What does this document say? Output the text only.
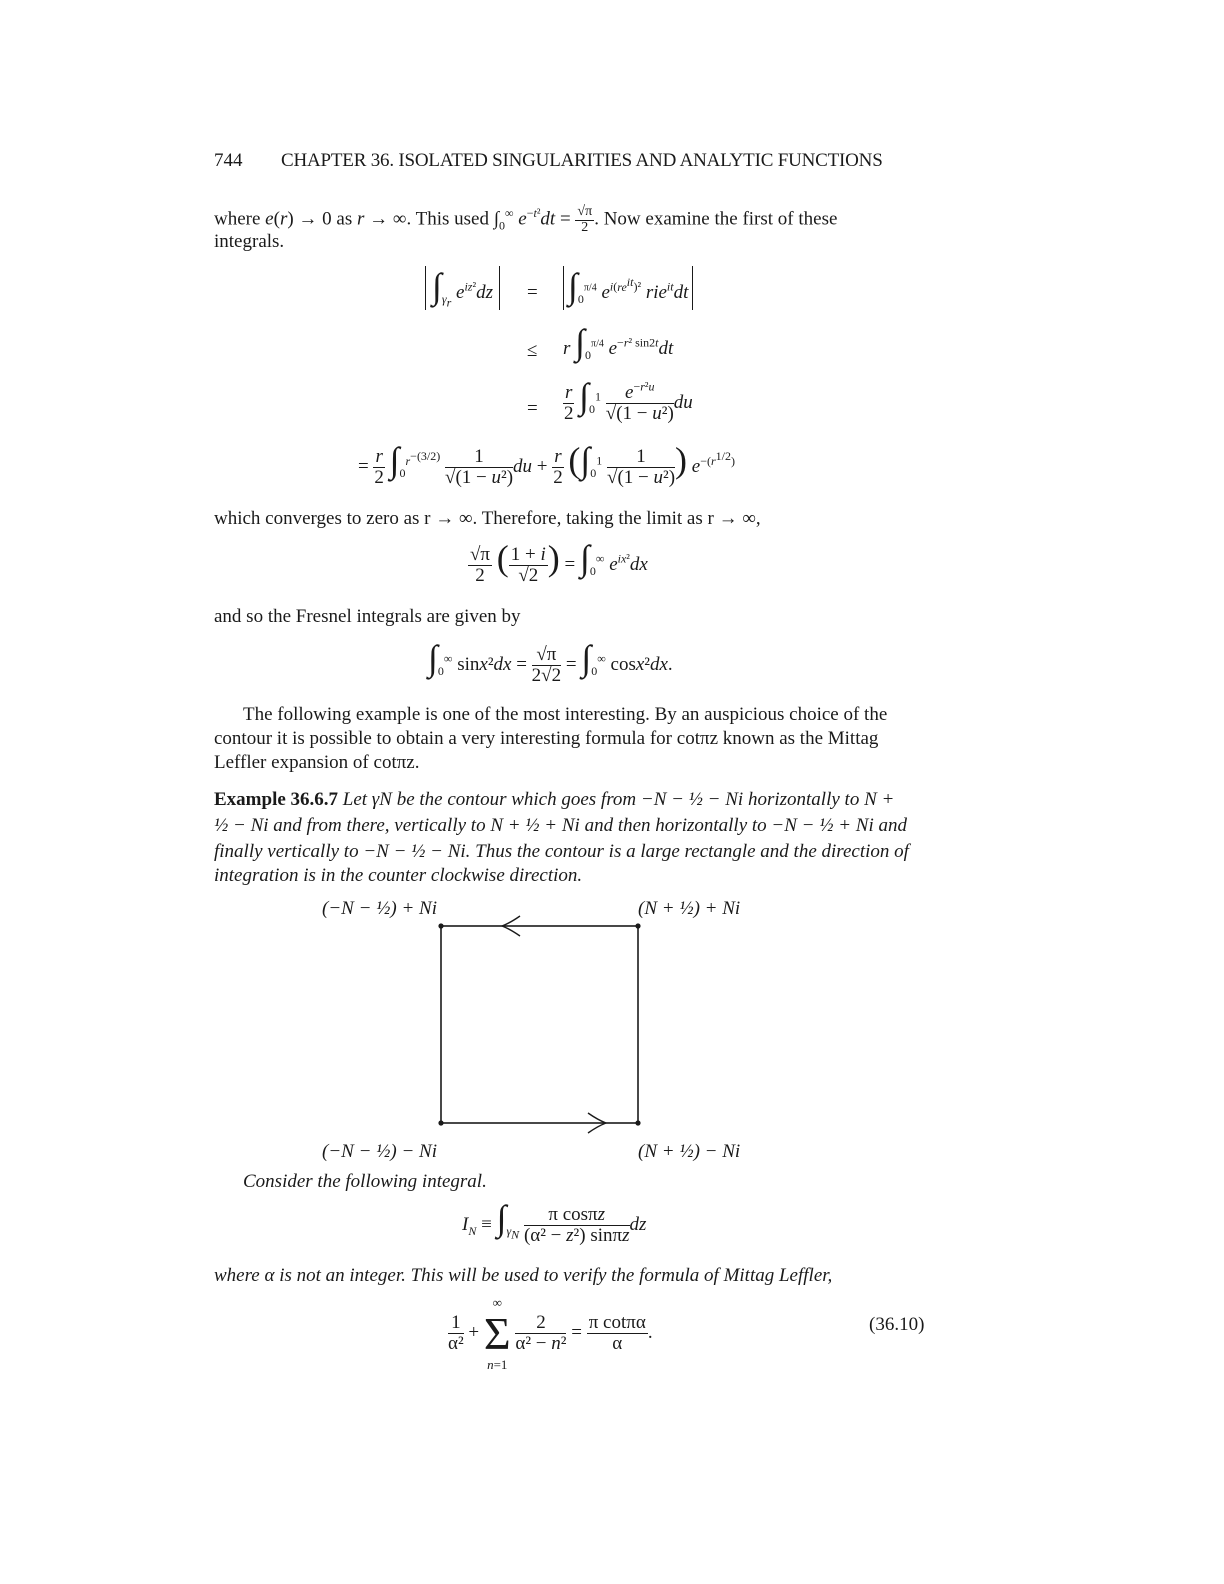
744 CHAPTER 36. ISOLATED SINGULARITIES AND ANALYTIC FUNCTIONS
where e(r) → 0 as r → ∞. This used $\int_0^\infty$ $e^{-t^2}dt = \frac{√\pi}{2}$ . Now examine the first of these
integrals.
$\int_{\gamma_r}$ $e^{iz^2}dz$	= $\int_0^{\pi/4}$ $e^{i(re^{it})^2}$ rie$^{it}$dt
≤ r $\int_0^{\pi/4}$ $e^{-r^2 sin2t}dt$
= $\frac{r}{2} \int_0^1 \frac{e^{-r^2u}}{\text{√(1 − u²)}}$ du
= $\frac{r}{2} \int_0^{r^{-(3/2)}} \frac{1}{\text{√(1 − u²)}}$ du + $\frac{r}{2} (\int_0^1 \frac{1}{\text{√(1 − u²)}}$ ) $e^{-(r^{1/2})}$
which converges to zero as r → ∞. Therefore, taking the limit as r → ∞,
$\frac{√\pi}{2}$ ( $\frac{1 + i}{√2}$ ) = $\int_0^\infty$ $e^{ix^2}dx$
and so the Fresnel integrals are given by
$\int_0^\infty$ $\sin x^2dx = \frac{√\pi}{2√2} = \int_0^\infty$ cosx²dx.
The following example is one of the most interesting. By an auspicious choice of the
contour it is possible to obtain a very interesting formula for cotπz known as the Mittag
Leffler expansion of cotπz.
Example 36.6.7 Let γN be the contour which goes from −N − ½ − Ni horizontally to N +
½ − Ni and from there, vertically to N + ½ + Ni and then horizontally to −N − ½ + Ni and
finally vertically to −N − ½ − Ni. Thus the contour is a large rectangle and the direction of
integration is in the counter clockwise direction.
(−N − ½) + Ni	(N + ½) + Ni
(−N − ½) − Ni	(N + ½) − Ni
Consider the following integral.
$I_N \equiv \int_{\gamma_N} \frac{\text{π cosπz}}{\text{(α² − z²) sinπz}}$ dz
where α is not an integer. This will be used to verify the formula of Mittag Leffler,
$\frac{1}{\text{α²}}$ +
∞
Σ
n=1

$\frac{2}{\text{α² − n²}} = \frac{\text{π cotπα}}{\alpha}$ .	(36.10)
